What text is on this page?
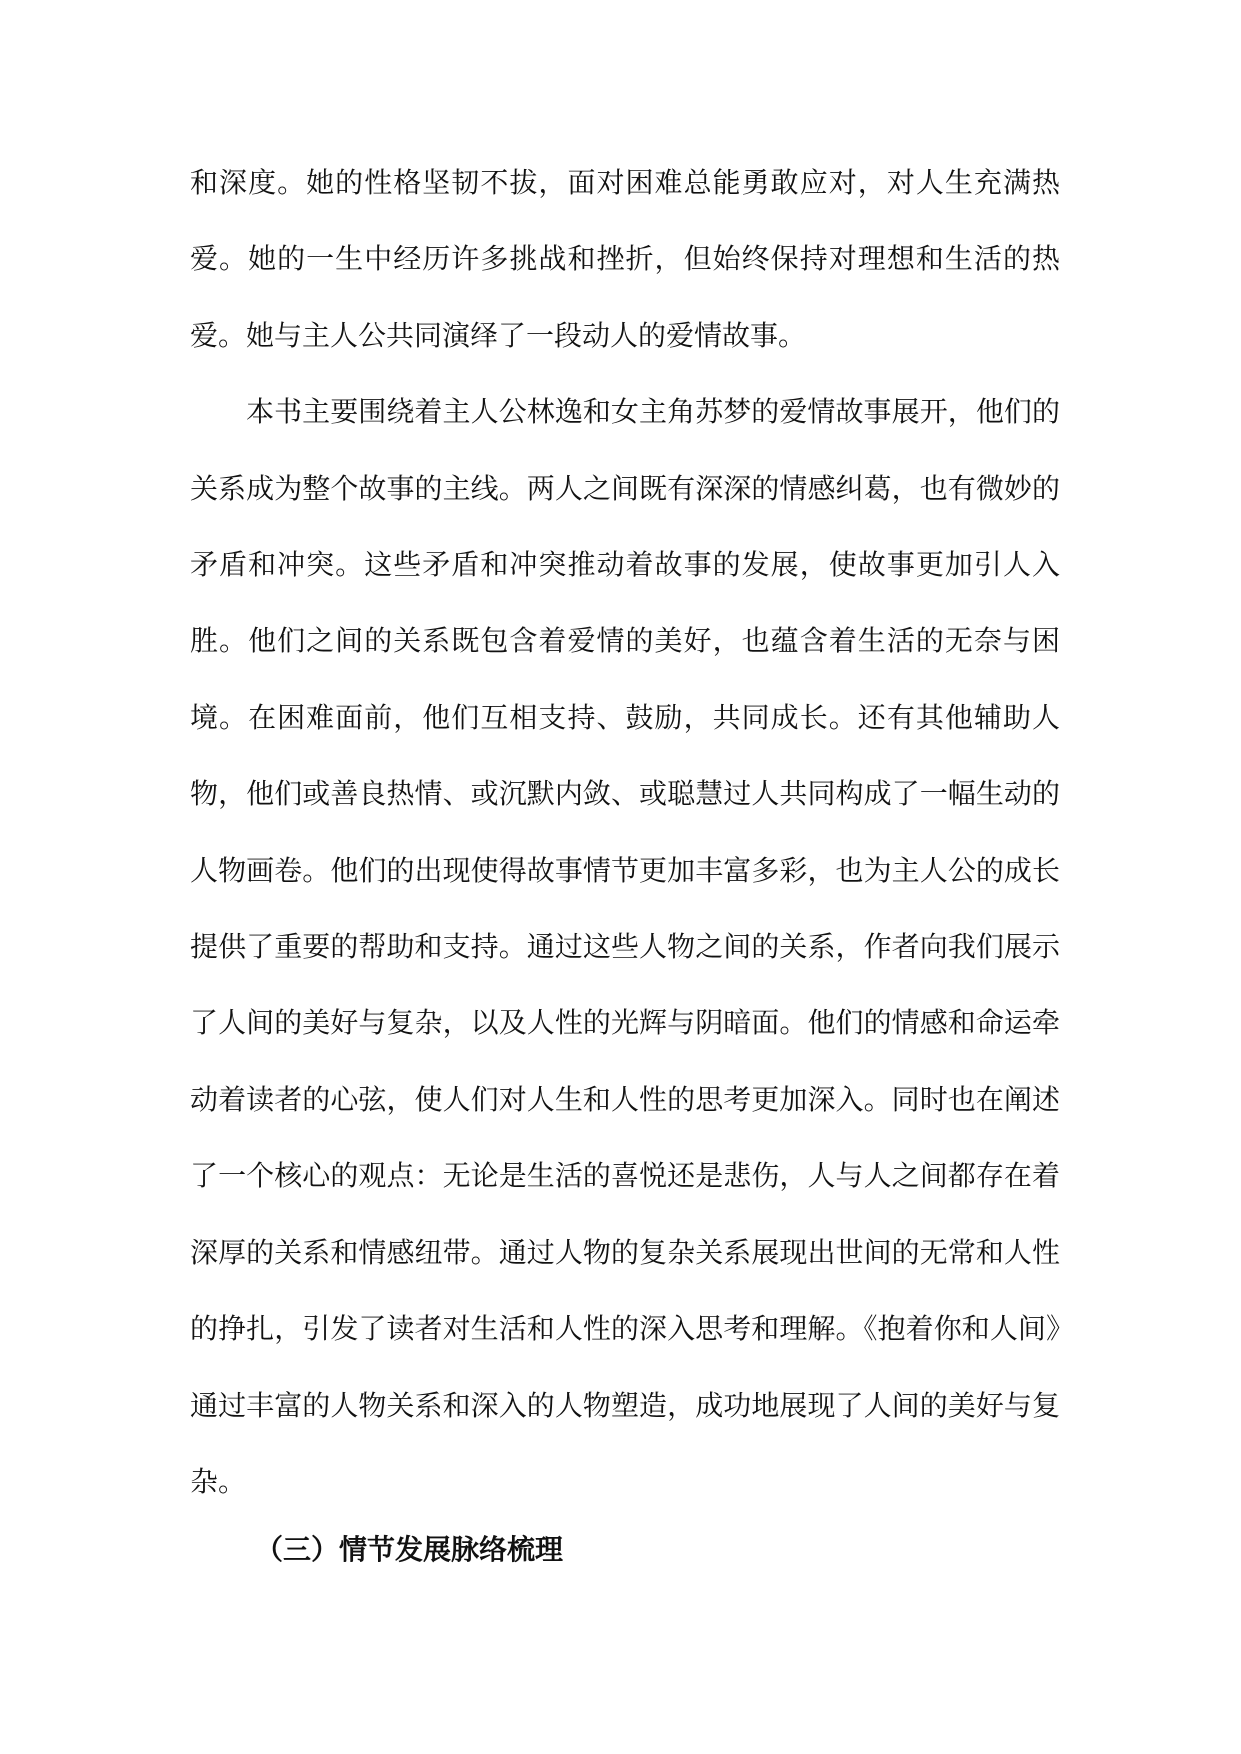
和深度。她的性格坚韧不拔，面对困难总能勇敢应对，对人生充满热爱。她的一生中经历许多挑战和挫折，但始终保持对理想和生活的热爱。她与主人公共同演绎了一段动人的爱情故事。

本书主要围绕着主人公林逸和女主角苏梦的爱情故事展开，他们的关系成为整个故事的主线。两人之间既有深深的情感纠葛，也有微妙的矛盾和冲突。这些矛盾和冲突推动着故事的发展，使故事更加引人入胜。他们之间的关系既包含着爱情的美好，也蕴含着生活的无奈与困境。在困难面前，他们互相支持、鼓励，共同成长。还有其他辅助人物，他们或善良热情、或沉默内敛、或聪慧过人共同构成了一幅生动的人物画卷。他们的出现使得故事情节更加丰富多彩，也为主人公的成长提供了重要的帮助和支持。通过这些人物之间的关系，作者向我们展示了人间的美好与复杂，以及人性的光辉与阴暗面。他们的情感和命运牵动着读者的心弦，使人们对人生和人性的思考更加深入。同时也在阐述了一个核心的观点：无论是生活的喜悦还是悲伤，人与人之间都存在着深厚的关系和情感纽带。通过人物的复杂关系展现出世间的无常和人性的挣扎，引发了读者对生活和人性的深入思考和理解。《抱着你和人间》通过丰富的人物关系和深入的人物塑造，成功地展现了人间的美好与复杂。

（三）情节发展脉络梳理
